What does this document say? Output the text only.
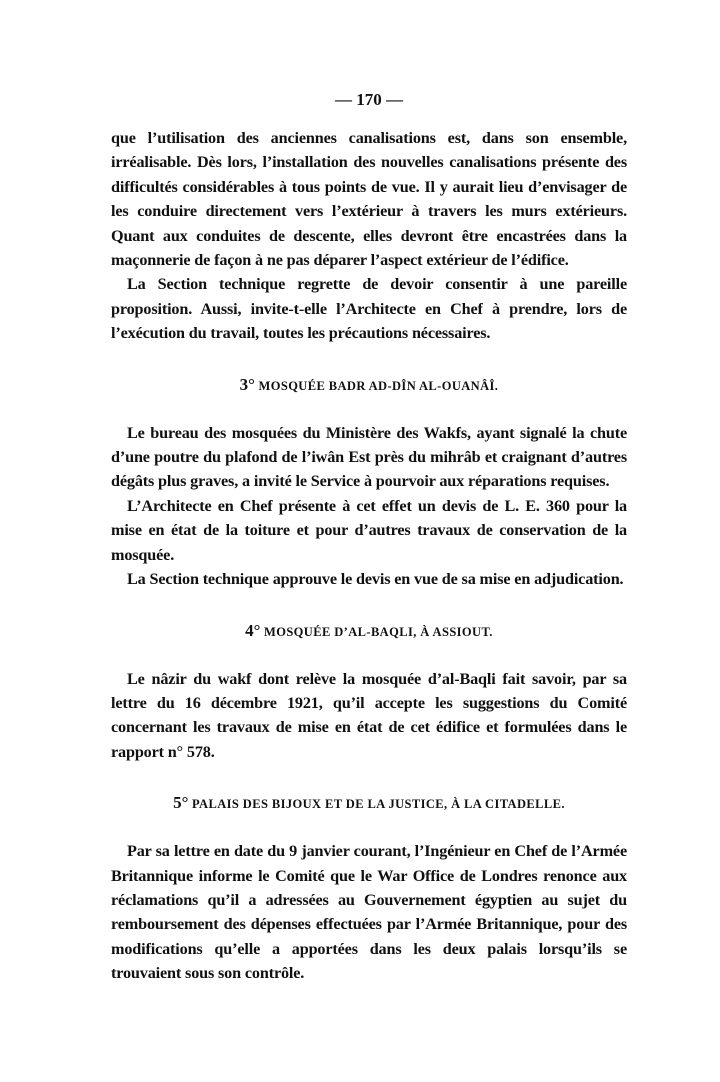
— 170 —

que l’utilisation des anciennes canalisations est, dans son ensemble, irréalisable. Dès lors, l’installation des nouvelles canalisations présente des difficultés considérables à tous points de vue. Il y aurait lieu d’envisager de les conduire directement vers l’extérieur à travers les murs extérieurs. Quant aux conduites de descente, elles devront être encastrées dans la maçonnerie de façon à ne pas déparer l’aspect extérieur de l’édifice.

La Section technique regrette de devoir consentir à une pareille proposition. Aussi, invite-t-elle l’Architecte en Chef à prendre, lors de l’exécution du travail, toutes les précautions nécessaires.

3° MOSQUÉE BADR AD-DÎN AL-OUANÂÎ.

Le bureau des mosquées du Ministère des Wakfs, ayant signalé la chute d’une poutre du plafond de l’iwân Est près du mihrâb et craignant d’autres dégâts plus graves, a invité le Service à pourvoir aux réparations requises.

L’Architecte en Chef présente à cet effet un devis de L. E. 360 pour la mise en état de la toiture et pour d’autres travaux de conservation de la mosquée.

La Section technique approuve le devis en vue de sa mise en adjudication.

4° MOSQUÉE D’AL-BAQLI, À ASSIOUT.

Le nâzir du wakf dont relève la mosquée d’al-Baqli fait savoir, par sa lettre du 16 décembre 1921, qu’il accepte les suggestions du Comité concernant les travaux de mise en état de cet édifice et formulées dans le rapport n° 578.

5° PALAIS DES BIJOUX ET DE LA JUSTICE, À LA CITADELLE.

Par sa lettre en date du 9 janvier courant, l’Ingénieur en Chef de l’Armée Britannique informe le Comité que le War Office de Londres renonce aux réclamations qu’il a adressées au Gouvernement égyptien au sujet du remboursement des dépenses effectuées par l’Armée Britannique, pour des modifications qu’elle a apportées dans les deux palais lorsqu’ils se trouvaient sous son contrôle.
